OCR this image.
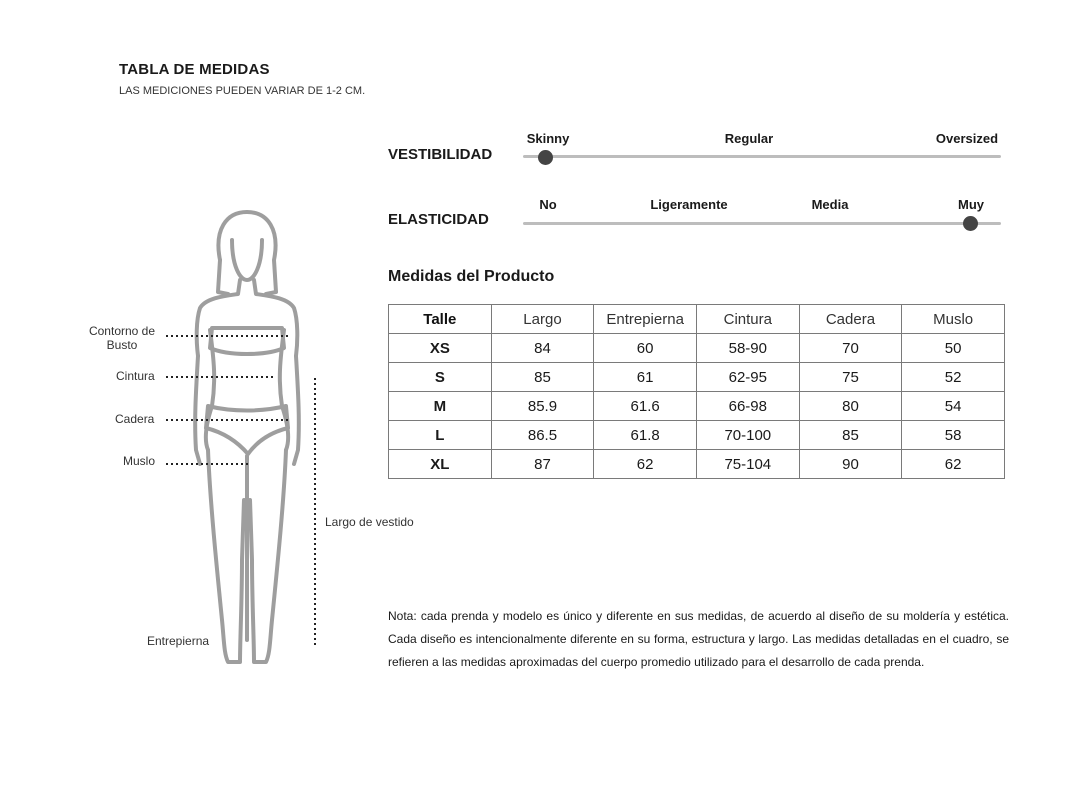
TABLA DE MEDIDAS
LAS MEDICIONES PUEDEN VARIAR DE 1-2 CM.
VESTIBILIDAD
Skinny	Regular	Oversized
ELASTICIDAD
No	Ligeramente	Media	Muy
Medidas del Producto
Talle	Largo	Entrepierna	Cintura	Cadera	Muslo
XS	84	60	58-90	70	50
S	85	61	62-95	75	52
M	85.9	61.6	66-98	80	54
L	86.5	61.8	70-100	85	58
XL	87	62	75-104	90	62
Contorno de
Busto
Cintura
Cadera
Muslo
Largo de vestido
Entrepierna
Nota: cada prenda y modelo es único y diferente en sus medidas, de acuerdo al diseño de su moldería y estética. Cada diseño es intencionalmente diferente en su forma, estructura y largo. Las medidas detalladas en el cuadro, se refieren a las medidas aproximadas del cuerpo promedio utilizado para el desarrollo de cada prenda.
